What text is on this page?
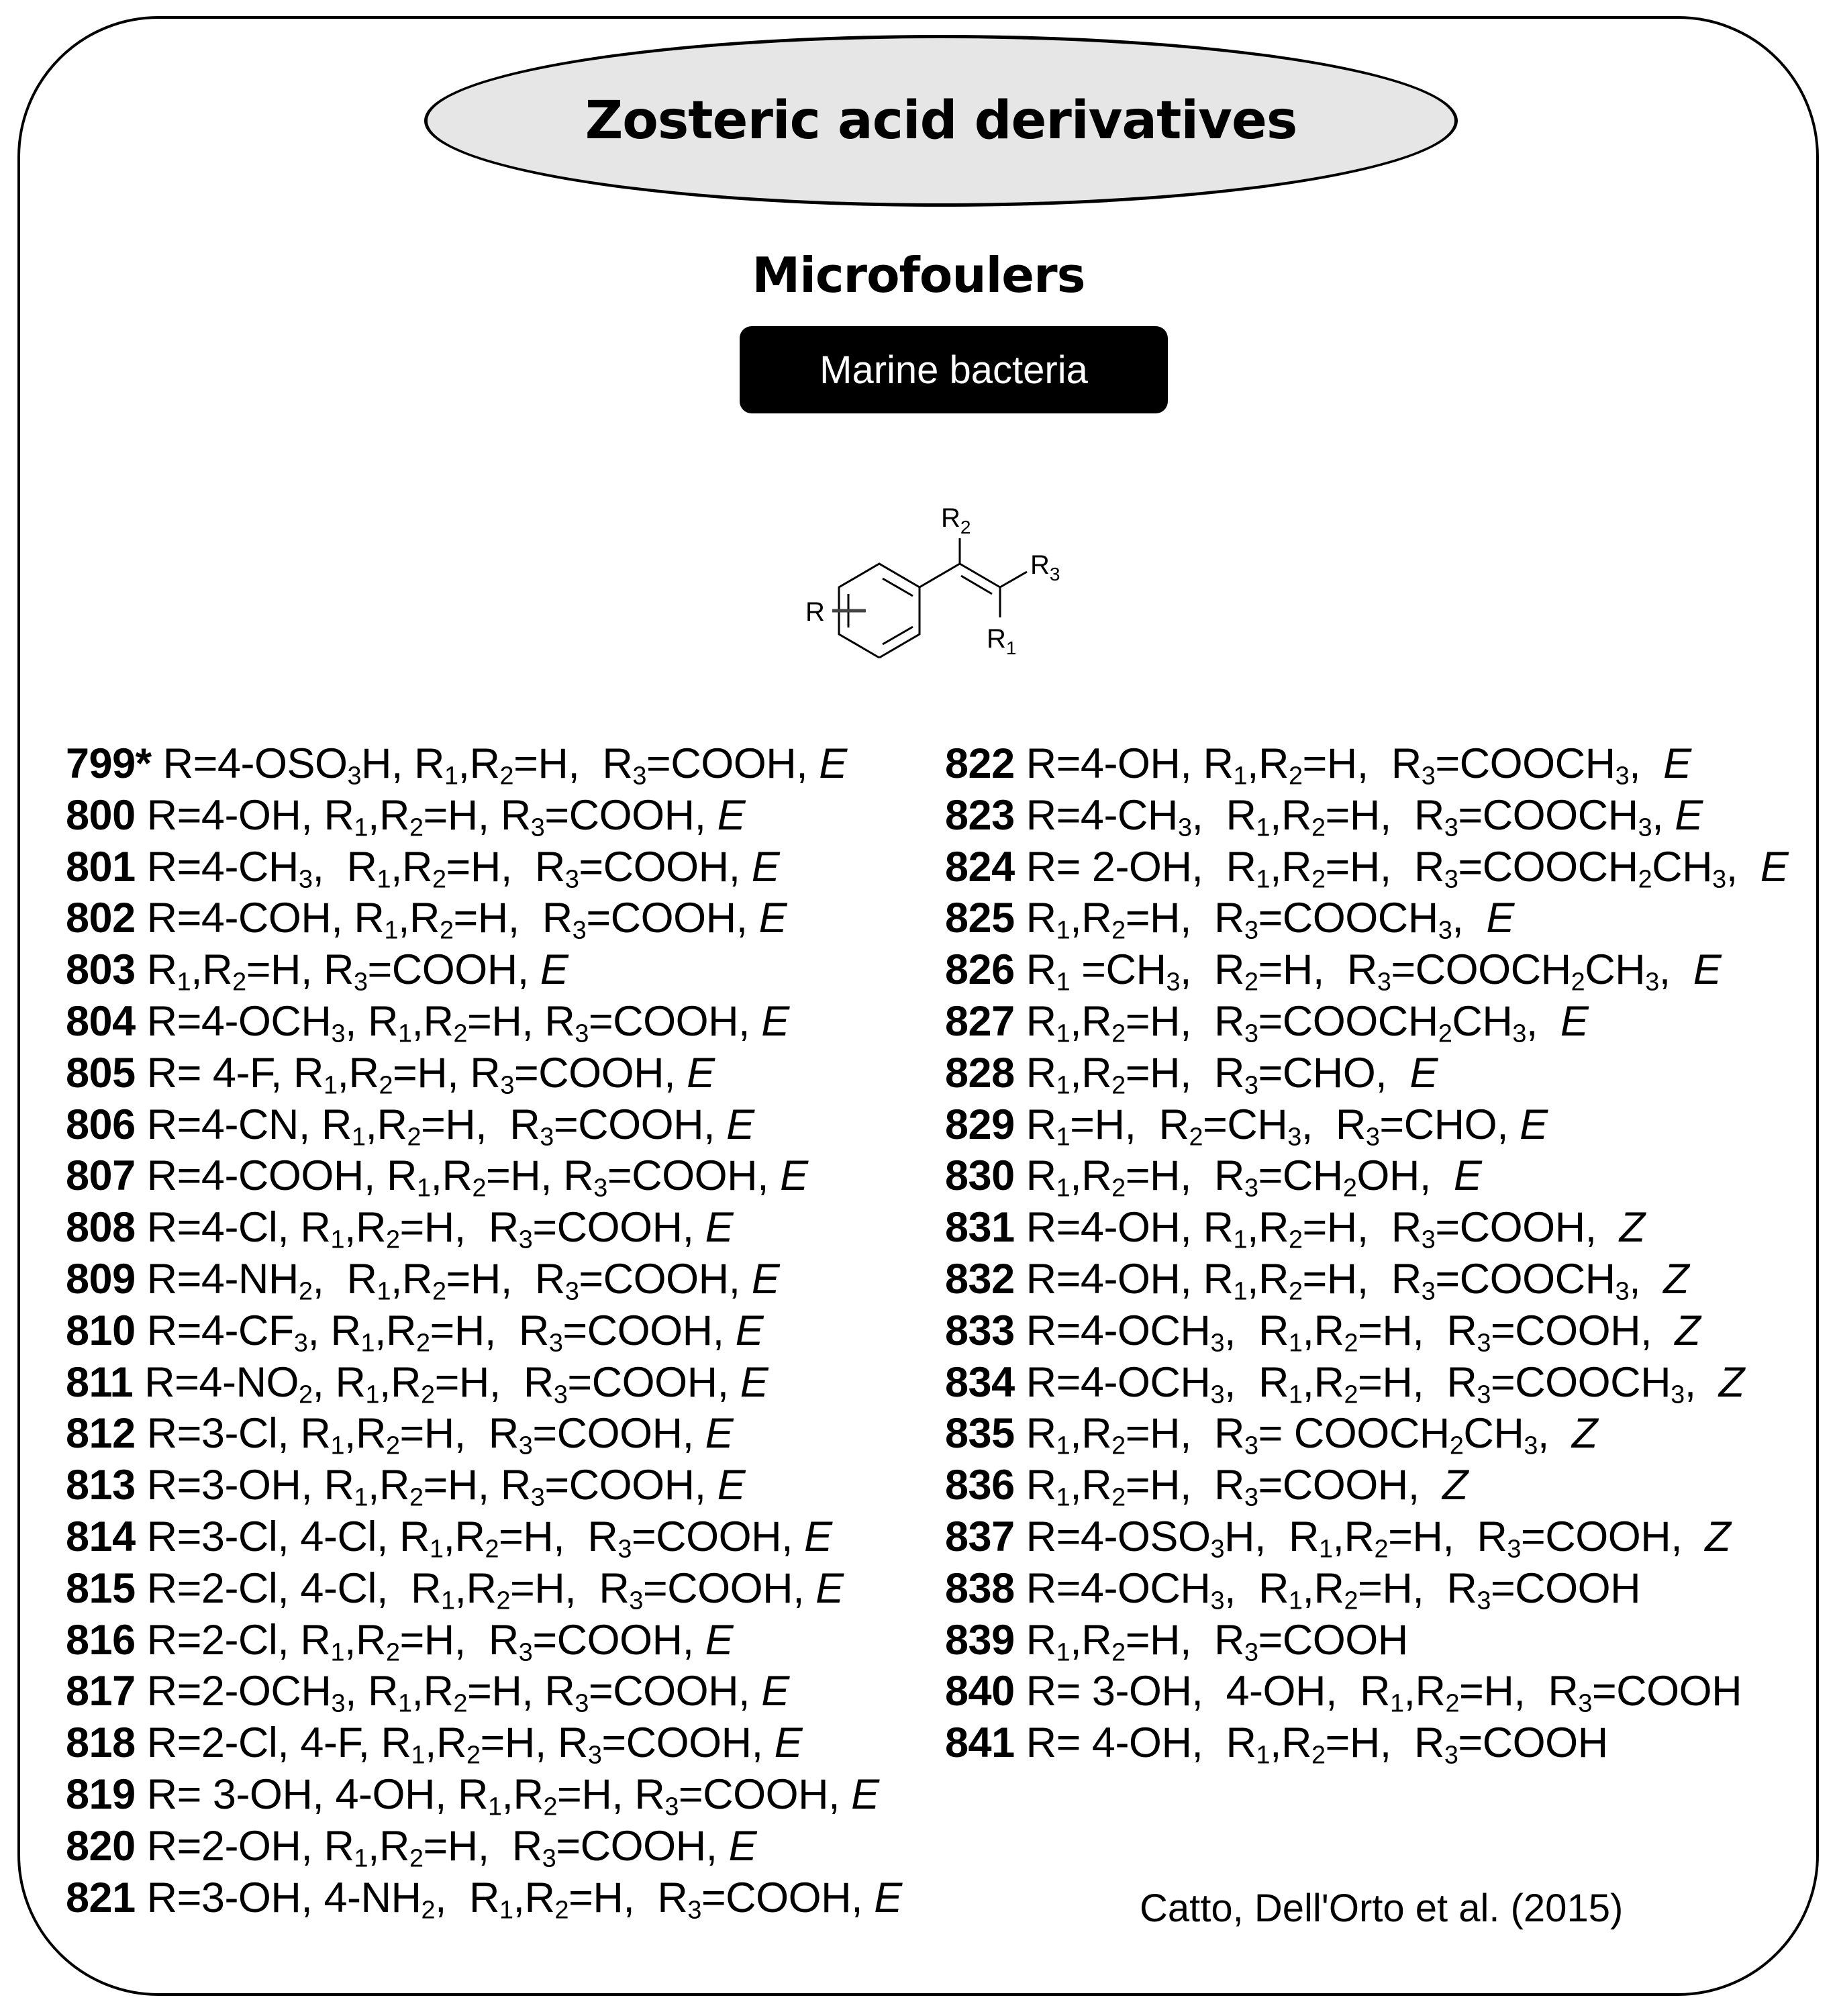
Zosteric acid derivatives
Microfoulers
Marine bacteria
R
$R_2$
$R_3$
$R_1$
799* $R=4-OSO_3H$, $R_1,R_2=H$,  $R_3=COOH$, E
800 R=4-OH, $R_1,R_2=H$, $R_3=COOH$, E
801 $R=4-CH_3$,  $R_1,R_2=H$,  $R_3=COOH$, E
802 R=4-COH, $R_1,R_2=H$,  $R_3=COOH$, E
803 $R_1,R_2=H$, $R_3=COOH$, E
804 $R=4-OCH_3$, $R_1,R_2=H$, $R_3=COOH$, E
805 R= 4-F, $R_1,R_2=H$, $R_3=COOH$, E
806 R=4-CN, $R_1,R_2=H$,  $R_3=COOH$, E
807 R=4-COOH, $R_1,R_2=H$, $R_3=COOH$, E
808 R=4-Cl, $R_1,R_2=H$,  $R_3=COOH$, E
809 $R=4-NH_2$,  $R_1,R_2=H$,  $R_3=COOH$, E
810 $R=4-CF_3$, $R_1,R_2=H$,  $R_3=COOH$, E
811 $R=4-NO_2$, $R_1,R_2=H$,  $R_3=COOH$, E
812 R=3-Cl, $R_1,R_2=H$,  $R_3=COOH$, E
813 R=3-OH, $R_1,R_2=H$, $R_3=COOH$, E
814 R=3-Cl, 4-Cl, $R_1,R_2=H$,  $R_3=COOH$, E
815 R=2-Cl, 4-Cl,  $R_1,R_2=H$,  $R_3=COOH$, E
816 R=2-Cl, $R_1,R_2=H$,  $R_3=COOH$, E
817 $R=2-OCH_3$, $R_1,R_2=H$, $R_3=COOH$, E
818 R=2-Cl, 4-F, $R_1,R_2=H$, $R_3=COOH$, E
819 R= 3-OH, 4-OH, $R_1,R_2=H$, $R_3=COOH$, E
820 R=2-OH, $R_1,R_2=H$,  $R_3=COOH$, E
821 R=3-OH, $4-NH_2$,  $R_1,R_2=H$,  $R_3=COOH$, E
822 R=4-OH, $R_1,R_2=H$,  $R_3=COOCH_3$,  E
823 $R=4-CH_3$,  $R_1,R_2=H$,  $R_3=COOCH_3$, E
824 R= 2-OH,  $R_1,R_2=H$,  $R_3=COOCH_2CH_3$,  E
825 $R_1,R_2=H$,  $R_3=COOCH_3$,  E
826 $R_1 =CH_3$,  $R_2=H$,  $R_3=COOCH_2CH_3$,  E
827 $R_1,R_2=H$,  $R_3=COOCH_2CH_3$,  E
828 $R_1,R_2=H$,  $R_3=CHO$,  E
829 $R_1=H$,  $R_2=CH_3$,  $R_3=CHO$, E
830 $R_1,R_2=H$,  $R_3=CH_2OH$,  E
831 R=4-OH, $R_1,R_2=H$,  $R_3=COOH$,  Z
832 R=4-OH, $R_1,R_2=H$,  $R_3=COOCH_3$,  Z
833 $R=4-OCH_3$,  $R_1,R_2=H$,  $R_3=COOH$,  Z
834 $R=4-OCH_3$,  $R_1,R_2=H$,  $R_3=COOCH_3$,  Z
835 $R_1,R_2=H$,  $R_3=$ $COOCH_2CH_3$,  Z
836 $R_1,R_2=H$,  $R_3=COOH$,  Z
837 $R=4-OSO_3H$,  $R_1,R_2=H$,  $R_3=COOH$,  Z
838 $R=4-OCH_3$,  $R_1,R_2=H$,  $R_3=COOH$
839 $R_1,R_2=H$,  $R_3=COOH$
840 R= 3-OH,  4-OH,  $R_1,R_2=H$,  $R_3=COOH$
841 R= 4-OH,  $R_1,R_2=H$,  $R_3=COOH$
Catto, Dell'Orto et al. (2015)
